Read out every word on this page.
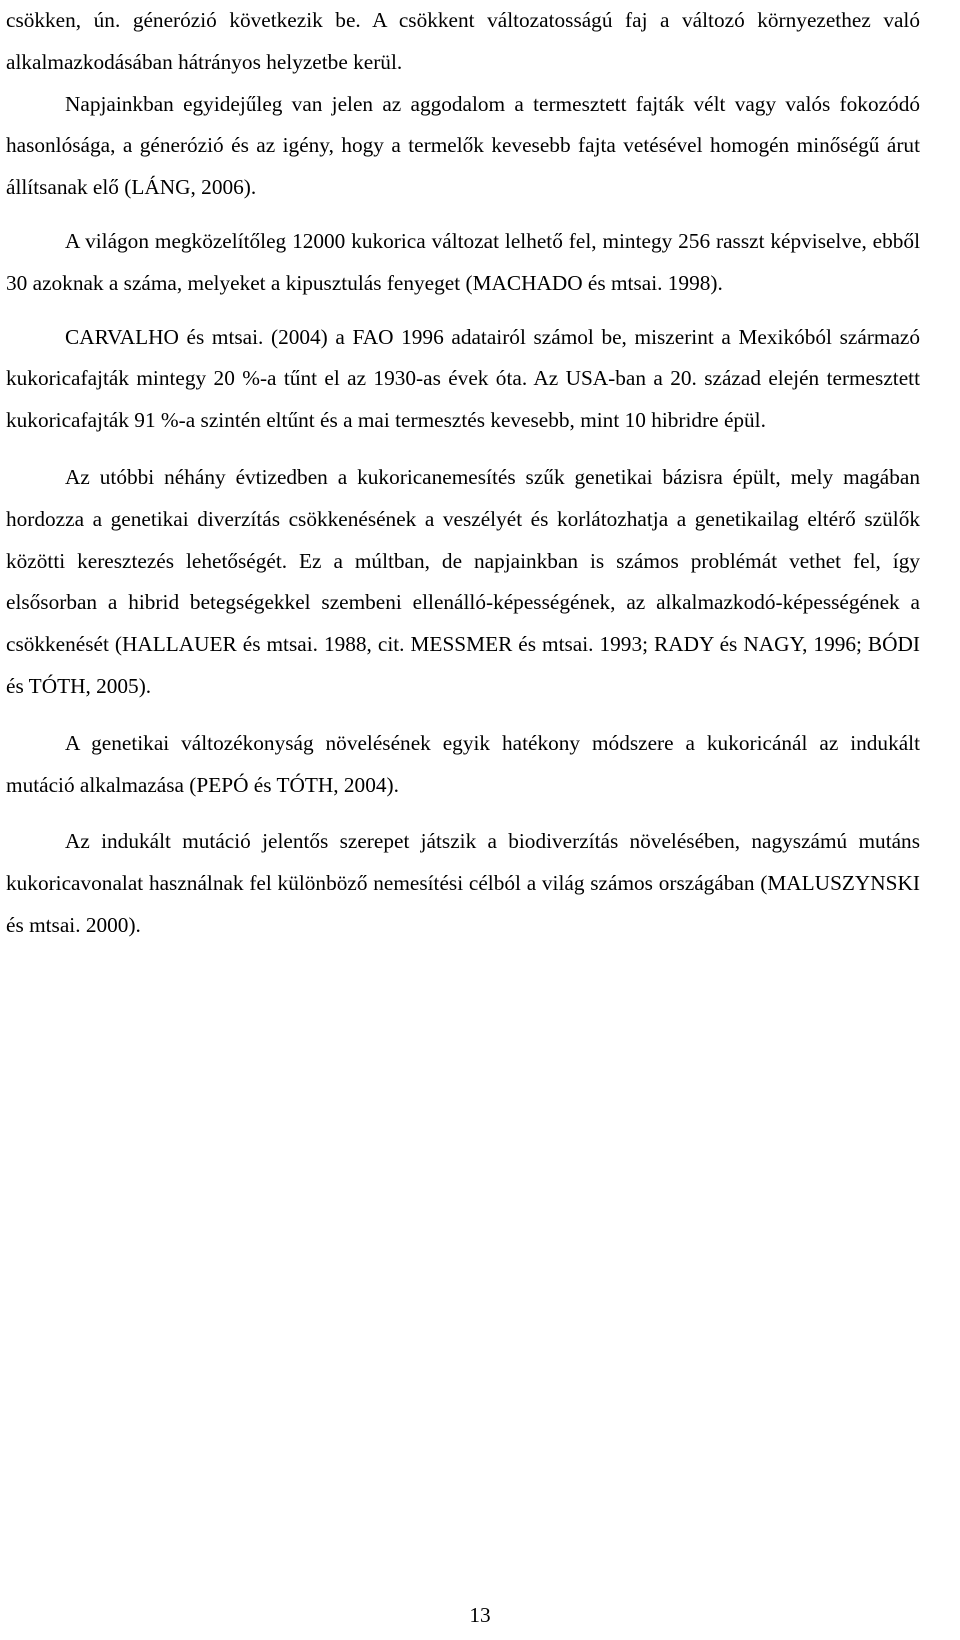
csökken, ún. génerózió következik be. A csökkent változatosságú faj a változó környezethez való alkalmazkodásában hátrányos helyzetbe kerül.

Napjainkban egyidejűleg van jelen az aggodalom a termesztett fajták vélt vagy valós fokozódó hasonlósága, a génerózió és az igény, hogy a termelők kevesebb fajta vetésével homogén minőségű árut állítsanak elő (LÁNG, 2006).

A világon megközelítőleg 12000 kukorica változat lelhető fel, mintegy 256 rasszt képviselve, ebből 30 azoknak a száma, melyeket a kipusztulás fenyeget (MACHADO és mtsai. 1998).

CARVALHO és mtsai. (2004) a FAO 1996 adatairól számol be, miszerint a Mexikóból származó kukoricafajták mintegy 20 %-a tűnt el az 1930-as évek óta. Az USA-ban a 20. század elején termesztett kukoricafajták 91 %-a szintén eltűnt és a mai termesztés kevesebb, mint 10 hibridre épül.

Az utóbbi néhány évtizedben a kukoricanemesítés szűk genetikai bázisra épült, mely magában hordozza a genetikai diverzítás csökkenésének a veszélyét és korlátozhatja a genetikailag eltérő szülők közötti keresztezés lehetőségét. Ez a múltban, de napjainkban is számos problémát vethet fel, így elsősorban a hibrid betegségekkel szembeni ellenálló-képességének, az alkalmazkodó-képességének a csökkenését (HALLAUER és mtsai. 1988, cit. MESSMER és mtsai. 1993; RADY és NAGY, 1996; BÓDI és TÓTH, 2005).

A genetikai változékonyság növelésének egyik hatékony módszere a kukoricánál az indukált mutáció alkalmazása (PEPÓ és TÓTH, 2004).

Az indukált mutáció jelentős szerepet játszik a biodiverzítás növelésében, nagyszámú mutáns kukoricavonalat használnak fel különböző nemesítési célból a világ számos országában (MALUSZYNSKI és mtsai. 2000).

13
